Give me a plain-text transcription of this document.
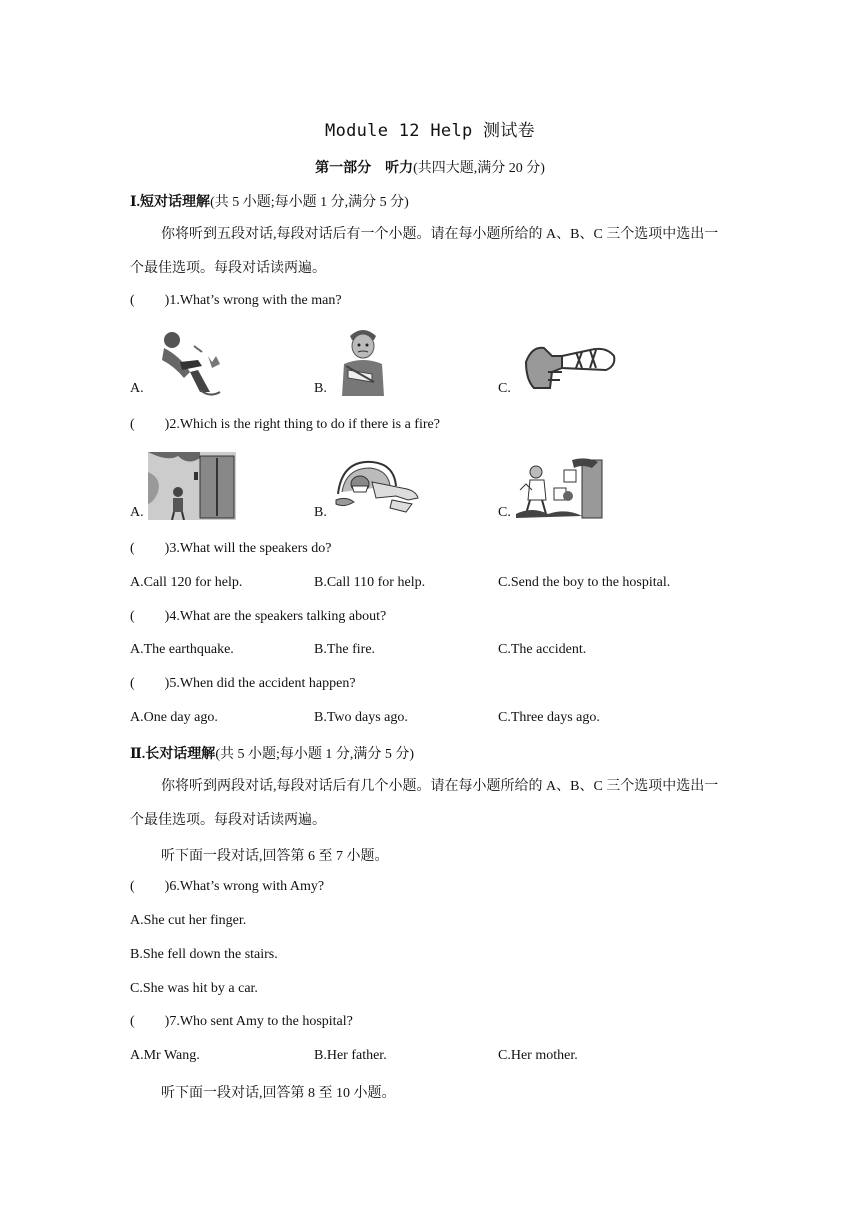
Module 12 Help 测试卷
第一部分 听力(共四大题,满分 20 分)
Ⅰ.短对话理解(共 5 小题;每小题 1 分,满分 5 分)
你将听到五段对话,每段对话后有一个小题。请在每小题所给的 A、B、C 三个选项中选出一个最佳选项。每段对话读两遍。
( )1.What’s wrong with the man?
A.	B.	C.
( )2.Which is the right thing to do if there is a fire?
A.	B.	C.
( )3.What will the speakers do?
A.Call 120 for help.	B.Call 110 for help.	C.Send the boy to the hospital.
( )4.What are the speakers talking about?
A.The earthquake.	B.The fire.	C.The accident.
( )5.When did the accident happen?
A.One day ago.	B.Two days ago.	C.Three days ago.
Ⅱ.长对话理解(共 5 小题;每小题 1 分,满分 5 分)
你将听到两段对话,每段对话后有几个小题。请在每小题所给的 A、B、C 三个选项中选出一个最佳选项。每段对话读两遍。
听下面一段对话,回答第 6 至 7 小题。
( )6.What’s wrong with Amy?
A.She cut her finger.
B.She fell down the stairs.
C.She was hit by a car.
( )7.Who sent Amy to the hospital?
A.Mr Wang.	B.Her father.	C.Her mother.
听下面一段对话,回答第 8 至 10 小题。
